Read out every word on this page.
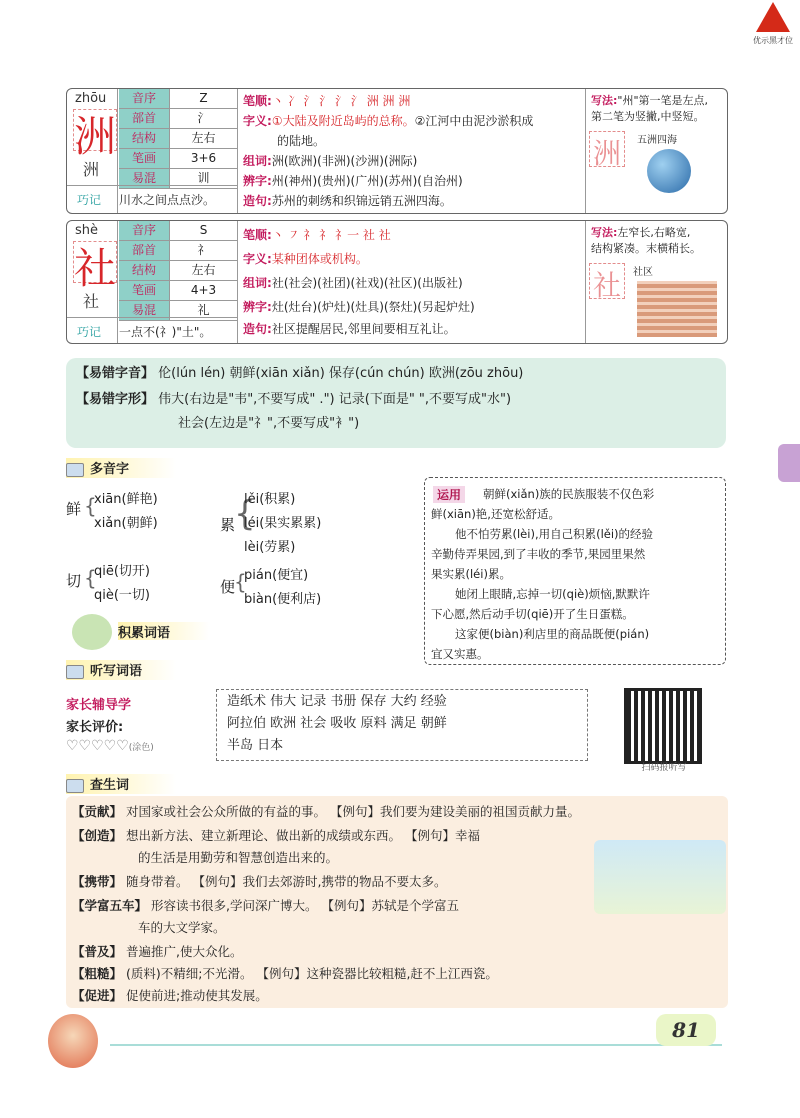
优示黑才位
zhōu
洲
洲
音序	Z
部首	氵
结构	左右
笔画	3+6
易混	训
巧记 川水之间点点沙。
笔顺:丶 冫 氵 氵 氵 氵 洲 洲 洲
字义:①大陆及附近岛屿的总称。②江河中由泥沙淤积成
的陆地。
组词:洲(欧洲)(非洲)(沙洲)(洲际)
辨字:州(神州)(贵州)(广州)(苏州)(自治州)
造句:苏州的刺绣和织锦远销五洲四海。
写法:"州"第一笔是左点,
第二笔为竖撇,中竖短。
洲 五洲四海
shè
社
社
音序	S
部首	礻
结构	左右
笔画	4+3
易混	礼
巧记 一点不(礻)"土"。
笔顺:丶 ㇇ 礻 礻 礻一 社 社
字义:某种团体或机构。
组词:社(社会)(社团)(社戏)(社区)(出版社)
辨字:灶(灶台)(炉灶)(灶具)(祭灶)(另起炉灶)
造句:社区提醒居民,邻里间要相互礼让。
写法:左窄长,右略宽,
结构紧凑。末横稍长。
社 社区
【易错字音】 伦(lún lén) 朝鲜(xiān xiǎn) 保存(cún chún) 欧洲(zōu zhōu)
【易错字形】 伟大(右边是"韦",不要写成" .") 记录(下面是" ",不要写成"水")
社会(左边是"礻",不要写成"衤")
多音字
鲜 {
xiān(鲜艳)
xiǎn(朝鲜)
切 {
qiē(切开)
qiè(一切)
累
{
lěi(积累)
léi(果实累累)
lèi(劳累)
便
{
pián(便宜)
biàn(便利店)
运用	朝鲜(xiǎn)族的民族服装不仅色彩
鲜(xiān)艳,还宽松舒适。
他不怕劳累(lèi),用自己积累(lěi)的经验
辛勤侍弄果园,到了丰收的季节,果园里果然
果实累(léi)累。
她闭上眼睛,忘掉一切(qiè)烦恼,默默许
下心愿,然后动手切(qiē)开了生日蛋糕。
这家便(biàn)利店里的商品既便(pián)
宜又实惠。
积累词语
听写词语
家长辅导学
家长评价:
♡♡♡♡♡(涂色)
造纸术 伟大 记录 书册 保存 大约 经验
阿拉伯 欧洲 社会 吸收 原料 满足 朝鲜
半岛 日本
扫码报听写
查生词
【贡献】 对国家或社会公众所做的有益的事。 【例句】我们要为建设美丽的祖国贡献力量。
【创造】 想出新方法、建立新理论、做出新的成绩或东西。 【例句】幸福
的生活是用勤劳和智慧创造出来的。
【携带】 随身带着。 【例句】我们去郊游时,携带的物品不要太多。
【学富五车】 形容读书很多,学问深广博大。 【例句】苏轼是个学富五
车的大文学家。
【普及】 普遍推广,使大众化。
【粗糙】 (质料)不精细;不光滑。 【例句】这种瓷器比较粗糙,赶不上江西瓷。
【促进】 促使前进;推动使其发展。
81
